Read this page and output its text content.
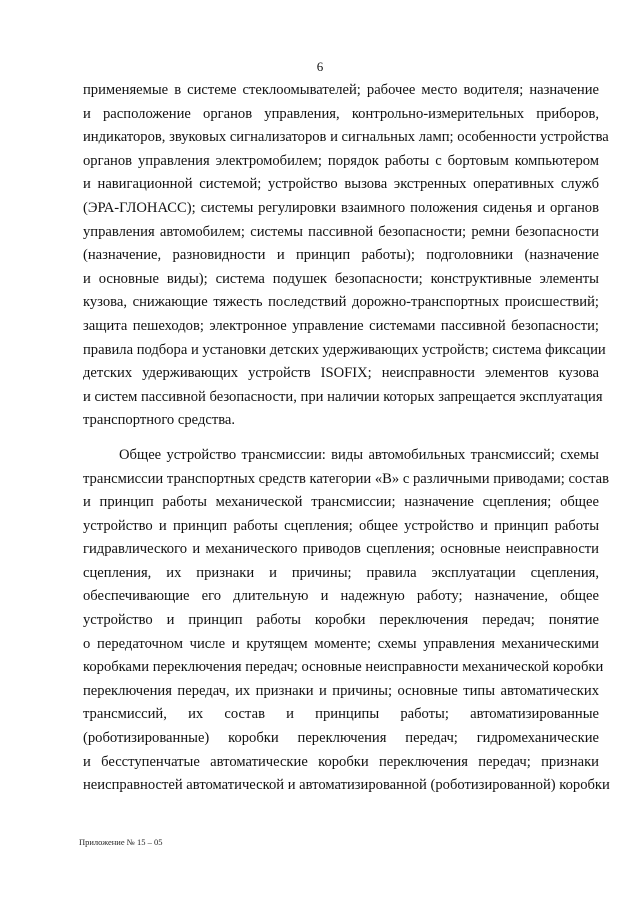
6

применяемые в системе стеклоомывателей; рабочее место водителя; назначение
и расположение органов управления, контрольно-измерительных приборов,
индикаторов, звуковых сигнализаторов и сигнальных ламп; особенности устройства
органов управления электромобилем; порядок работы с бортовым компьютером
и навигационной системой; устройство вызова экстренных оперативных служб
(ЭРА-ГЛОНАСС); системы регулировки взаимного положения сиденья и органов
управления автомобилем; системы пассивной безопасности; ремни безопасности
(назначение, разновидности и принцип работы); подголовники (назначение
и основные виды); система подушек безопасности; конструктивные элементы
кузова, снижающие тяжесть последствий дорожно-транспортных происшествий;
защита пешеходов; электронное управление системами пассивной безопасности;
правила подбора и установки детских удерживающих устройств; система фиксации
детских удерживающих устройств ISOFIX; неисправности элементов кузова
и систем пассивной безопасности, при наличии которых запрещается эксплуатация
транспортного средства.

Общее устройство трансмиссии: виды автомобильных трансмиссий; схемы
трансмиссии транспортных средств категории «В» с различными приводами; состав
и принцип работы механической трансмиссии; назначение сцепления; общее
устройство и принцип работы сцепления; общее устройство и принцип работы
гидравлического и механического приводов сцепления; основные неисправности
сцепления, их признаки и причины; правила эксплуатации сцепления,
обеспечивающие его длительную и надежную работу; назначение, общее
устройство и принцип работы коробки переключения передач; понятие
о передаточном числе и крутящем моменте; схемы управления механическими
коробками переключения передач; основные неисправности механической коробки
переключения передач, их признаки и причины; основные типы автоматических
трансмиссий, их состав и принципы работы; автоматизированные
(роботизированные) коробки переключения передач; гидромеханические
и бесступенчатые автоматические коробки переключения передач; признаки
неисправностей автоматической и автоматизированной (роботизированной) коробки

Приложение № 15 – 05
